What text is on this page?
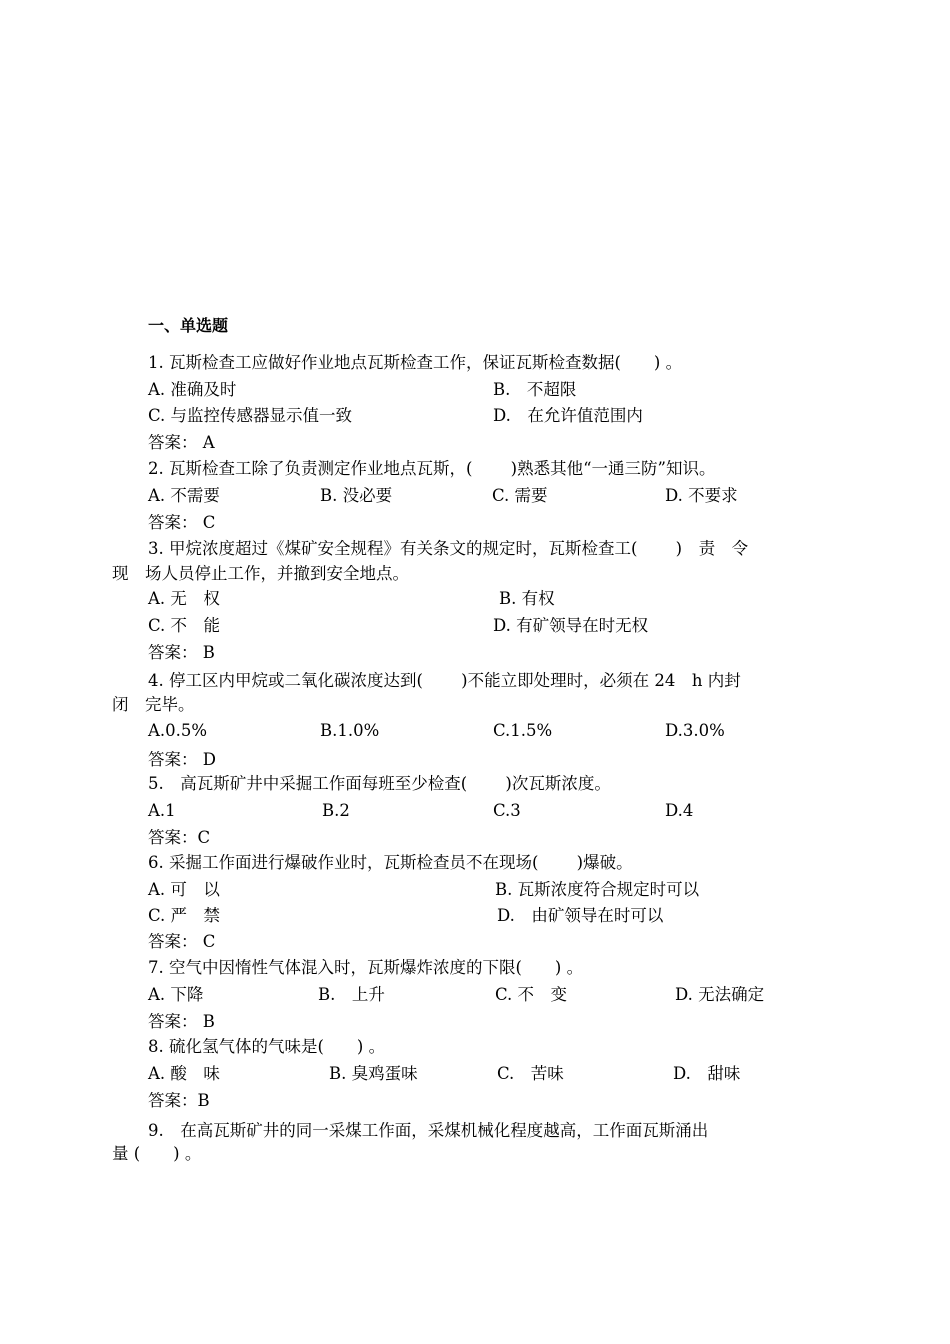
一、单选题
1. 瓦斯检查工应做好作业地点瓦斯检查工作，保证瓦斯检查数据(　　) 。
A. 准确及时	B.　不超限
C. 与监控传感器显示值一致	D.　在允许值范围内
答案： A
2. 瓦斯检查工除了负责测定作业地点瓦斯，(　　 )熟悉其他“一通三防”知识。
A. 不需要	B. 没必要	C. 需要	D. 不要求
答案： C
3. 甲烷浓度超过《煤矿安全规程》有关条文的规定时，瓦斯检查工(　　 )　责　令
现　场人员停止工作，并撤到安全地点。
A. 无　权	B. 有权
C. 不　能	D. 有矿领导在时无权
答案： B
4. 停工区内甲烷或二氧化碳浓度达到(　　 )不能立即处理时，必须在 24　h 内封
闭　完毕。
A.0.5%	B.1.0%	C.1.5%	D.3.0%
答案： D
5.　高瓦斯矿井中采掘工作面每班至少检查(　　 )次瓦斯浓度。
A.1	B.2	C.3	D.4
答案：C
6. 采掘工作面进行爆破作业时，瓦斯检查员不在现场(　　 )爆破。
A. 可　以	B. 瓦斯浓度符合规定时可以
C. 严　禁	D.　由矿领导在时可以
答案： C
7. 空气中因惰性气体混入时，瓦斯爆炸浓度的下限(　　) 。
A. 下降	B.　上升	C. 不　变	D. 无法确定
答案： B
8. 硫化氢气体的气味是(　　) 。
A. 酸　味	B. 臭鸡蛋味	C.　苦味	D.　甜味
答案：B
9.　在高瓦斯矿井的同一采煤工作面，采煤机械化程度越高，工作面瓦斯涌出
量 (　　) 。
